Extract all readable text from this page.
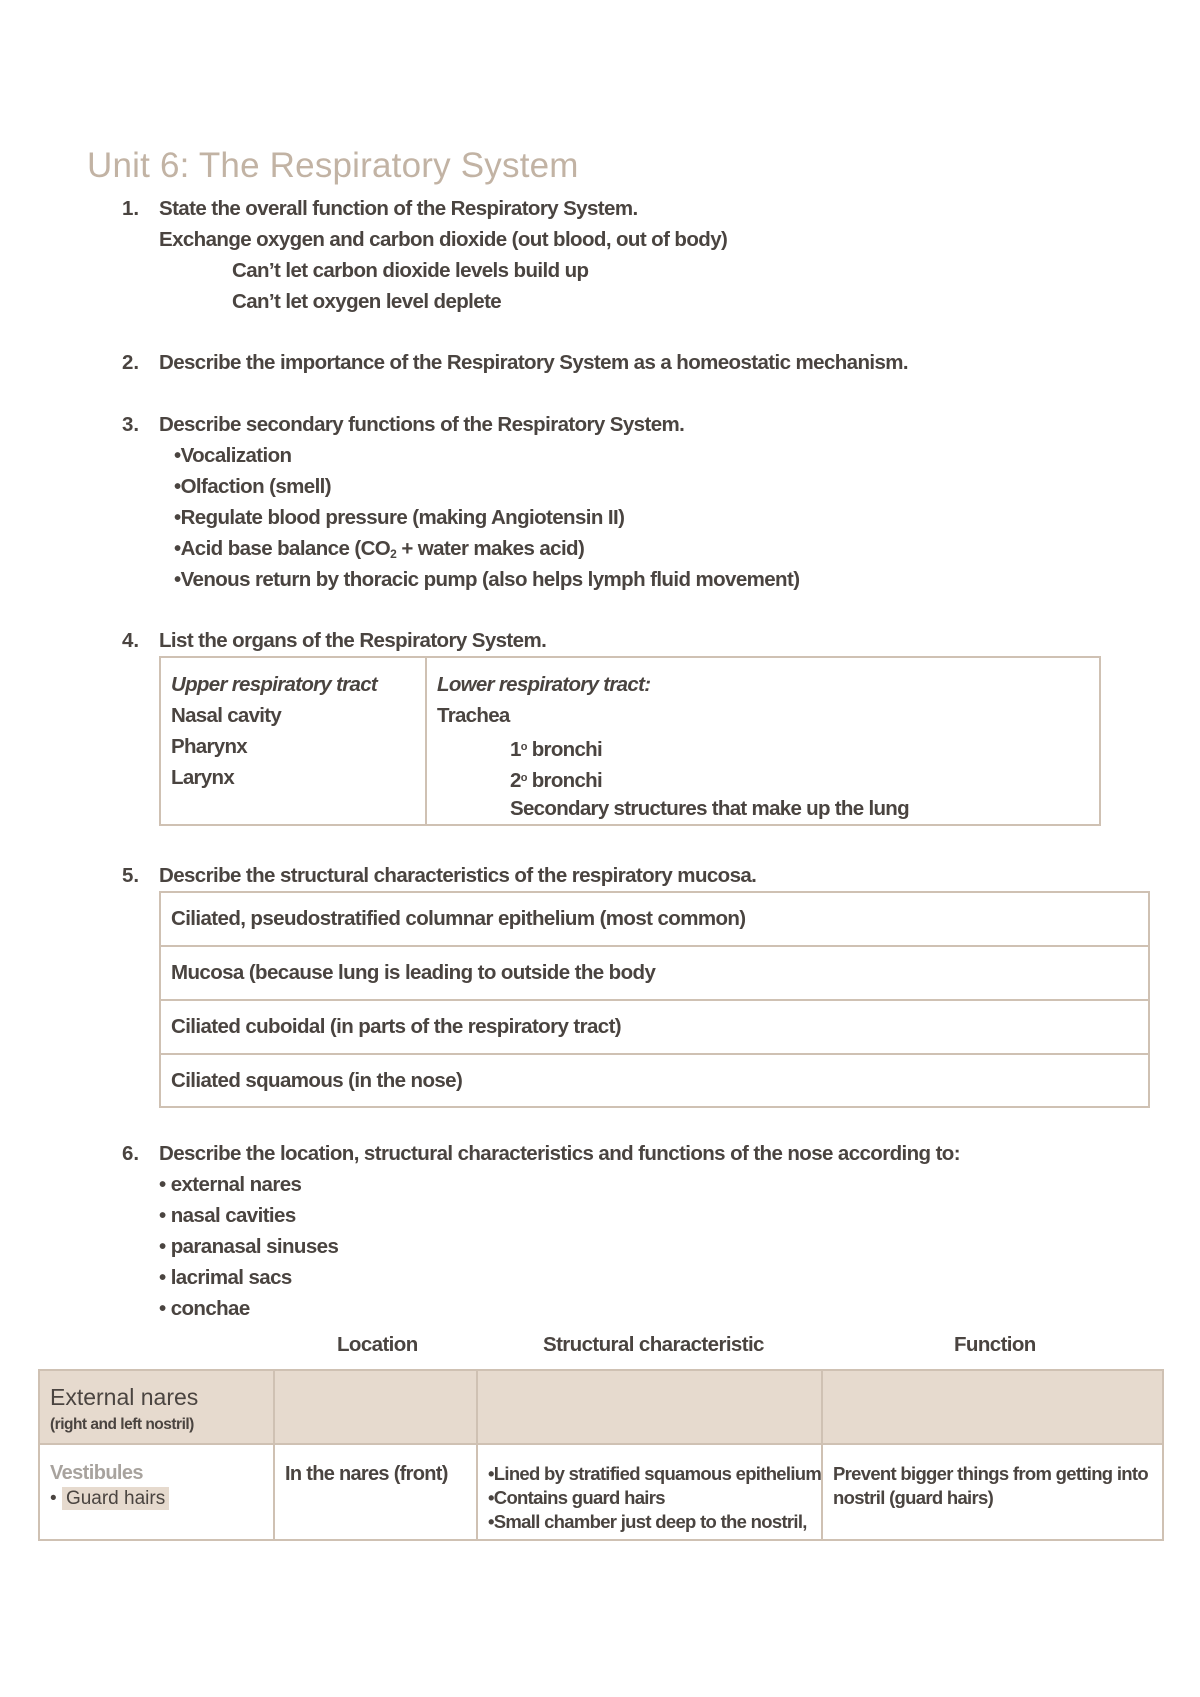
Unit 6: The Respiratory System
1. State the overall function of the Respiratory System.
Exchange oxygen and carbon dioxide (out blood, out of body)
Can’t let carbon dioxide levels build up
Can’t let oxygen level deplete
2. Describe the importance of the Respiratory System as a homeostatic mechanism.
3. Describe secondary functions of the Respiratory System.
•Vocalization
•Olfaction (smell)
•Regulate blood pressure (making Angiotensin II)
•Acid base balance ($CO_2$ + water makes acid)
•Venous return by thoracic pump (also helps lymph fluid movement)
4. List the organs of the Respiratory System.
Upper respiratory tract
Nasal cavity
Pharynx
Larynx
Lower respiratory tract:
Trachea
1$^o$ bronchi
2$^o$ bronchi
Secondary structures that make up the lung
5. Describe the structural characteristics of the respiratory mucosa.
Ciliated, pseudostratified columnar epithelium (most common)
Mucosa (because lung is leading to outside the body
Ciliated cuboidal (in parts of the respiratory tract)
Ciliated squamous (in the nose)
6. Describe the location, structural characteristics and functions of the nose according to:
• external nares
• nasal cavities
• paranasal sinuses
• lacrimal sacs
• conchae
Location	Structural characteristic	Function
External nares
(right and left nostril)
Vestibules
• Guard hairs
In the nares (front) •Lined by stratified squamous epithelium
•Contains guard hairs
•Small chamber just deep to the nostril,
Prevent bigger things from getting into
nostril (guard hairs)
